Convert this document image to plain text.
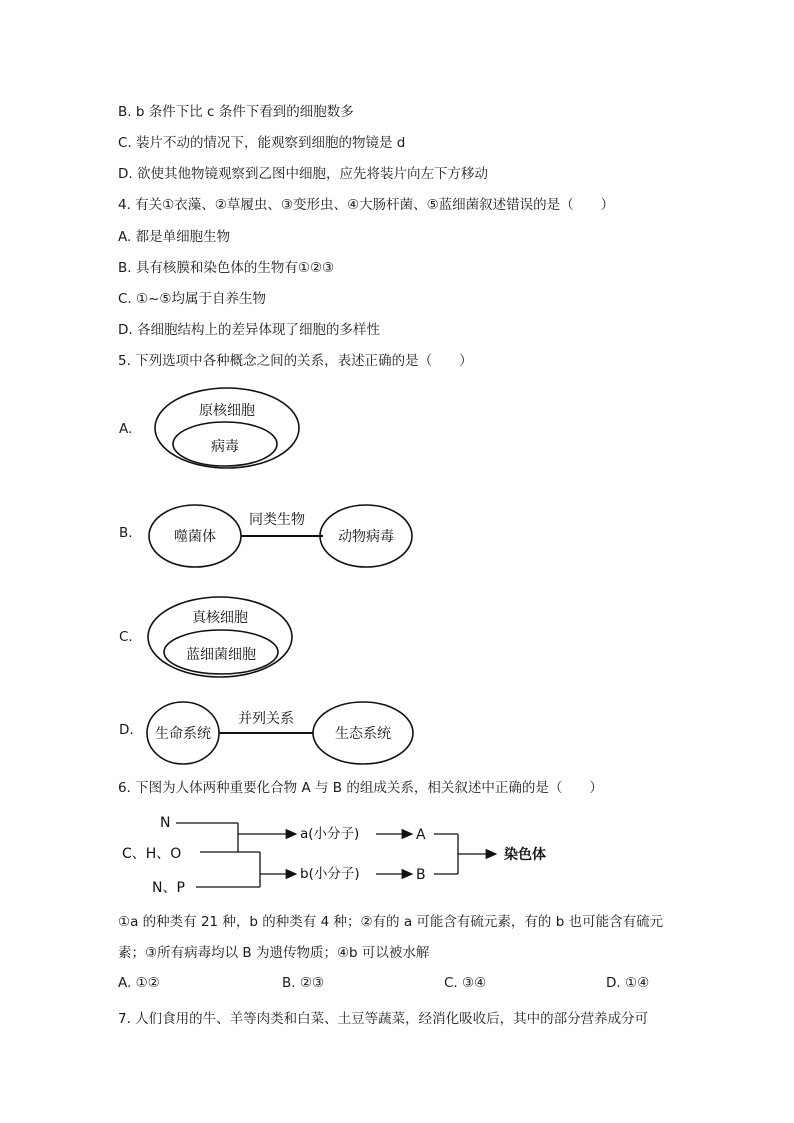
B. b 条件下比 c 条件下看到的细胞数多
C. 装片不动的情况下，能观察到细胞的物镜是 d
D. 欲使其他物镜观察到乙图中细胞，应先将装片向左下方移动
4. 有关①衣藻、②草履虫、③变形虫、④大肠杆菌、⑤蓝细菌叙述错误的是（　　）
A. 都是单细胞生物
B. 具有核膜和染色体的生物有①②③
C. ①~⑤均属于自养生物
D. 各细胞结构上的差异体现了细胞的多样性
5. 下列选项中各种概念之间的关系，表述正确的是（　　）
A.
原核细胞
病毒
B.	噬菌体
同类生物
动物病毒
C.
真核细胞
蓝细菌细胞
D. 生命系统
并列关系
生态系统
6. 下图为人体两种重要化合物 A 与 B 的组成关系，相关叙述中正确的是（　　）
N
C、H、O
N、P
a(小分子)
b(小分子)
A
B
染色体
①a 的种类有 21 种，b 的种类有 4 种；②有的 a 可能含有硫元素，有的 b 也可能含有硫元
素；③所有病毒均以 B 为遗传物质；④b 可以被水解
A. ①②	B. ②③	C. ③④	D. ①④
7. 人们食用的牛、羊等肉类和白菜、土豆等蔬菜，经消化吸收后，其中的部分营养成分可
